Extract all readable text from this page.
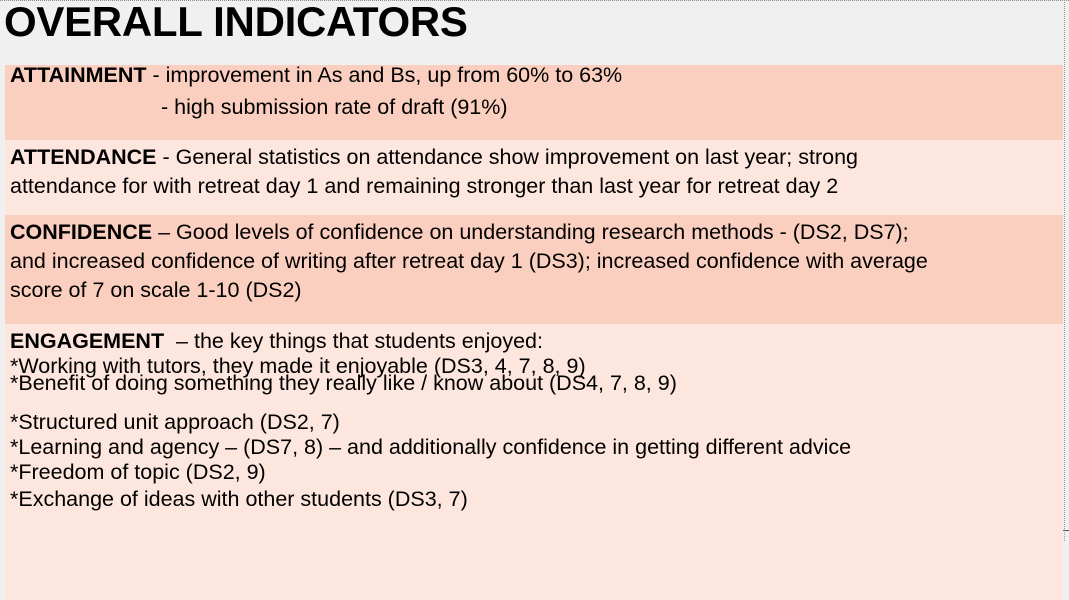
OVERALL INDICATORS
ATTAINMENT - improvement in As and Bs, up from 60% to 63%
- high submission rate of draft (91%)
ATTENDANCE - General statistics on attendance show improvement on last year; strong
attendance for with retreat day 1 and remaining stronger than last year for retreat day 2
CONFIDENCE – Good levels of confidence on understanding research methods - (DS2, DS7);
and increased confidence of writing after retreat day 1 (DS3); increased confidence with average
score of 7 on scale 1-10 (DS2)
ENGAGEMENT  – the key things that students enjoyed:
*Working with tutors, they made it enjoyable (DS3, 4, 7, 8, 9)
*Benefit of doing something they really like / know about (DS4, 7, 8, 9)
*Structured unit approach (DS2, 7)
*Learning and agency – (DS7, 8) – and additionally confidence in getting different advice
*Freedom of topic (DS2, 9)
*Exchange of ideas with other students (DS3, 7)
